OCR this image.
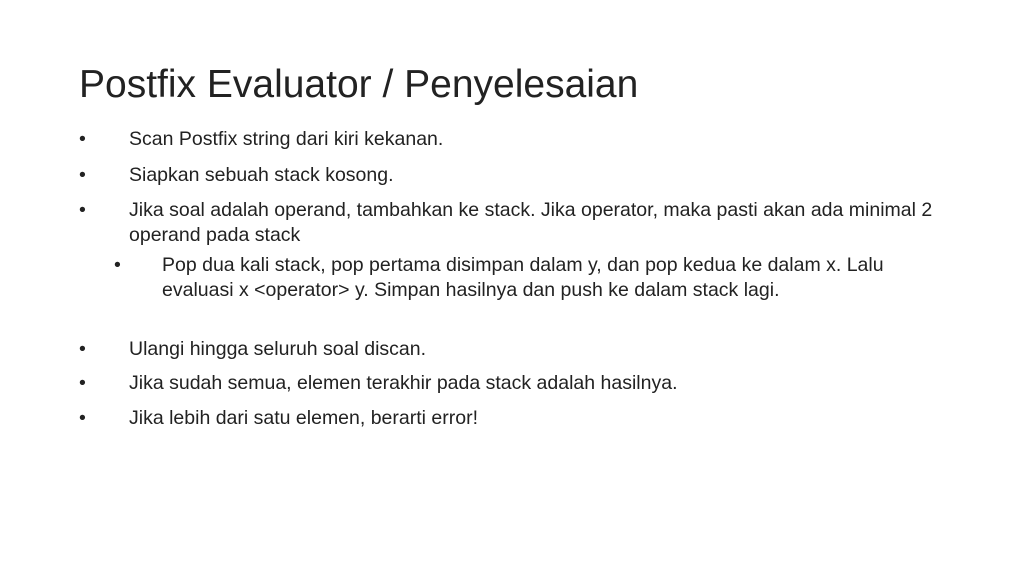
Postfix Evaluator / Penyelesaian
• Scan Postfix string dari kiri kekanan.
• Siapkan sebuah stack kosong.
• Jika soal adalah operand, tambahkan ke stack. Jika operator, maka pasti akan ada minimal 2 operand pada stack
• Pop dua kali stack, pop pertama disimpan dalam y, dan pop kedua ke dalam x. Lalu evaluasi x <operator> y. Simpan hasilnya dan push ke dalam stack lagi.
• Ulangi hingga seluruh soal discan.
• Jika sudah semua, elemen terakhir pada stack adalah hasilnya.
• Jika lebih dari satu elemen, berarti error!
